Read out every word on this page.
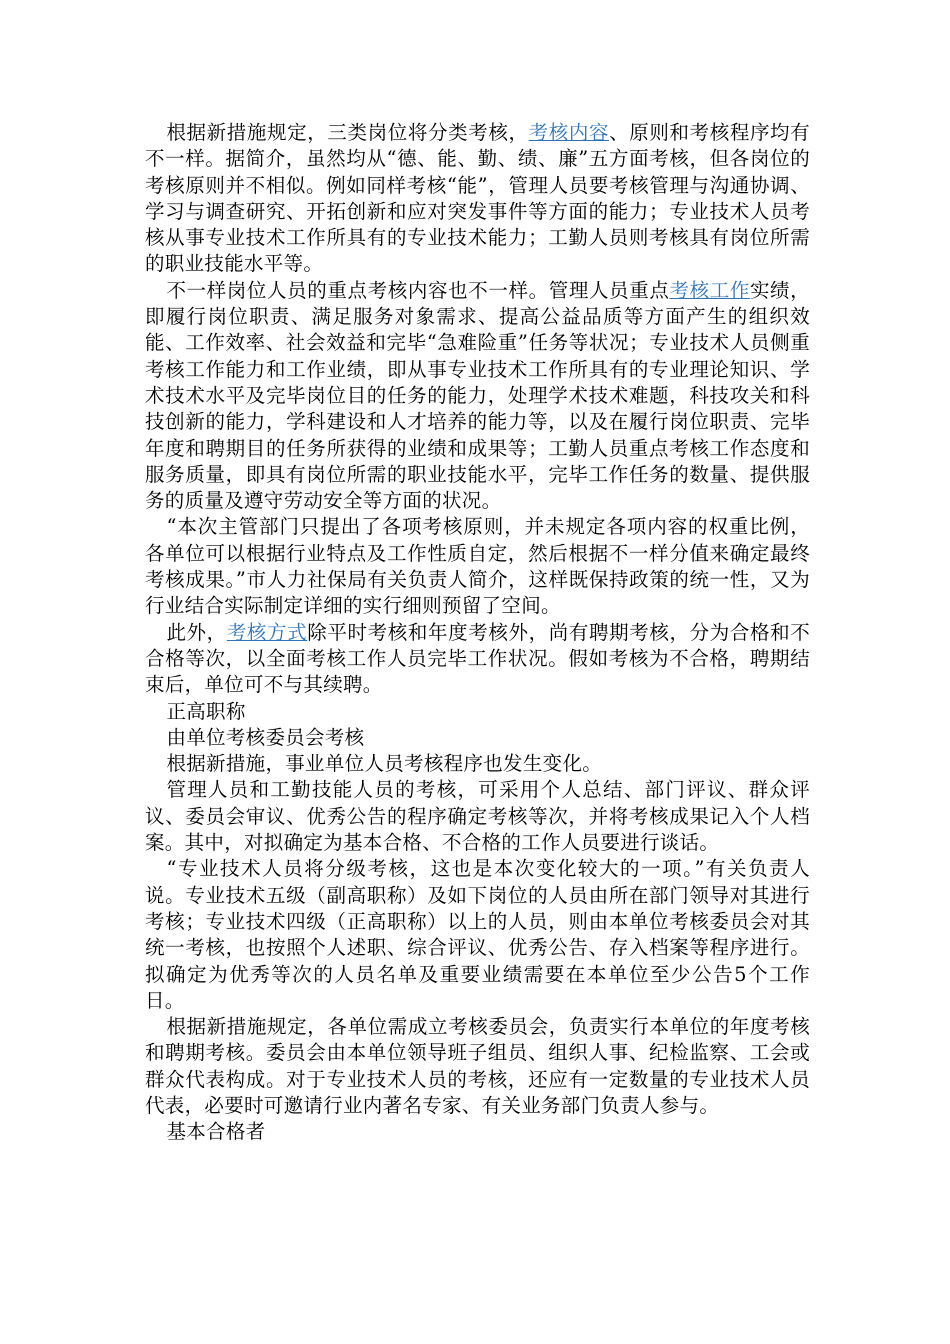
根据新措施规定，三类岗位将分类考核，考核内容、原则和考核程序均有不一样。据简介，虽然均从“德、能、勤、绩、廉”五方面考核，但各岗位的考核原则并不相似。例如同样考核“能”，管理人员要考核管理与沟通协调、学习与调查研究、开拓创新和应对突发事件等方面的能力；专业技术人员考核从事专业技术工作所具有的专业技术能力；工勤人员则考核具有岗位所需的职业技能水平等。

不一样岗位人员的重点考核内容也不一样。管理人员重点考核工作实绩，即履行岗位职责、满足服务对象需求、提高公益品质等方面产生的组织效能、工作效率、社会效益和完毕“急难险重”任务等状况；专业技术人员侧重考核工作能力和工作业绩，即从事专业技术工作所具有的专业理论知识、学术技术水平及完毕岗位目的任务的能力，处理学术技术难题，科技攻关和科技创新的能力，学科建设和人才培养的能力等，以及在履行岗位职责、完毕年度和聘期目的任务所获得的业绩和成果等；工勤人员重点考核工作态度和服务质量，即具有岗位所需的职业技能水平，完毕工作任务的数量、提供服务的质量及遵守劳动安全等方面的状况。

“本次主管部门只提出了各项考核原则，并未规定各项内容的权重比例，各单位可以根据行业特点及工作性质自定，然后根据不一样分值来确定最终考核成果。”市人力社保局有关负责人简介，这样既保持政策的统一性，又为行业结合实际制定详细的实行细则预留了空间。

此外，考核方式除平时考核和年度考核外，尚有聘期考核，分为合格和不合格等次，以全面考核工作人员完毕工作状况。假如考核为不合格，聘期结束后，单位可不与其续聘。

正高职称

由单位考核委员会考核

根据新措施，事业单位人员考核程序也发生变化。

管理人员和工勤技能人员的考核，可采用个人总结、部门评议、群众评议、委员会审议、优秀公告的程序确定考核等次，并将考核成果记入个人档案。其中，对拟确定为基本合格、不合格的工作人员要进行谈话。

“专业技术人员将分级考核，这也是本次变化较大的一项。”有关负责人说。专业技术五级（副高职称）及如下岗位的人员由所在部门领导对其进行考核；专业技术四级（正高职称）以上的人员，则由本单位考核委员会对其统一考核，也按照个人述职、综合评议、优秀公告、存入档案等程序进行。拟确定为优秀等次的人员名单及重要业绩需要在本单位至少公告5个工作日。

根据新措施规定，各单位需成立考核委员会，负责实行本单位的年度考核和聘期考核。委员会由本单位领导班子组员、组织人事、纪检监察、工会或群众代表构成。对于专业技术人员的考核，还应有一定数量的专业技术人员代表，必要时可邀请行业内著名专家、有关业务部门负责人参与。

基本合格者
